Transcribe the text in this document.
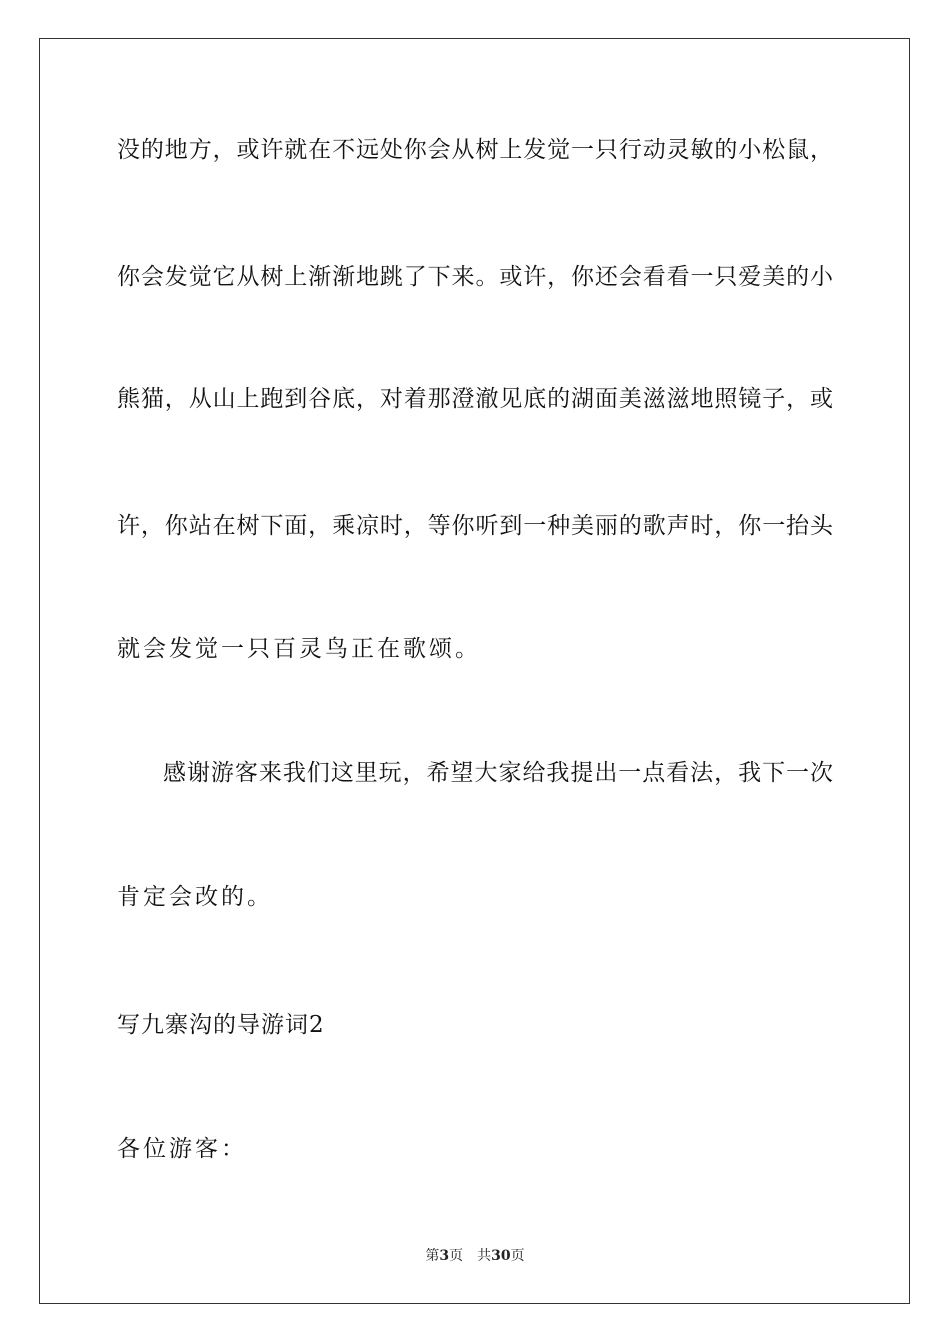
没的地方，或许就在不远处你会从树上发觉一只行动灵敏的小松鼠，
你会发觉它从树上渐渐地跳了下来。或许，你还会看看一只爱美的小
熊猫，从山上跑到谷底，对着那澄澈见底的湖面美滋滋地照镜子，或
许，你站在树下面，乘凉时，等你听到一种美丽的歌声时，你一抬头
就会发觉一只百灵鸟正在歌颂。
感谢游客来我们这里玩，希望大家给我提出一点看法，我下一次
肯定会改的。
写九寨沟的导游词2
各位游客：
第3页 共30页
